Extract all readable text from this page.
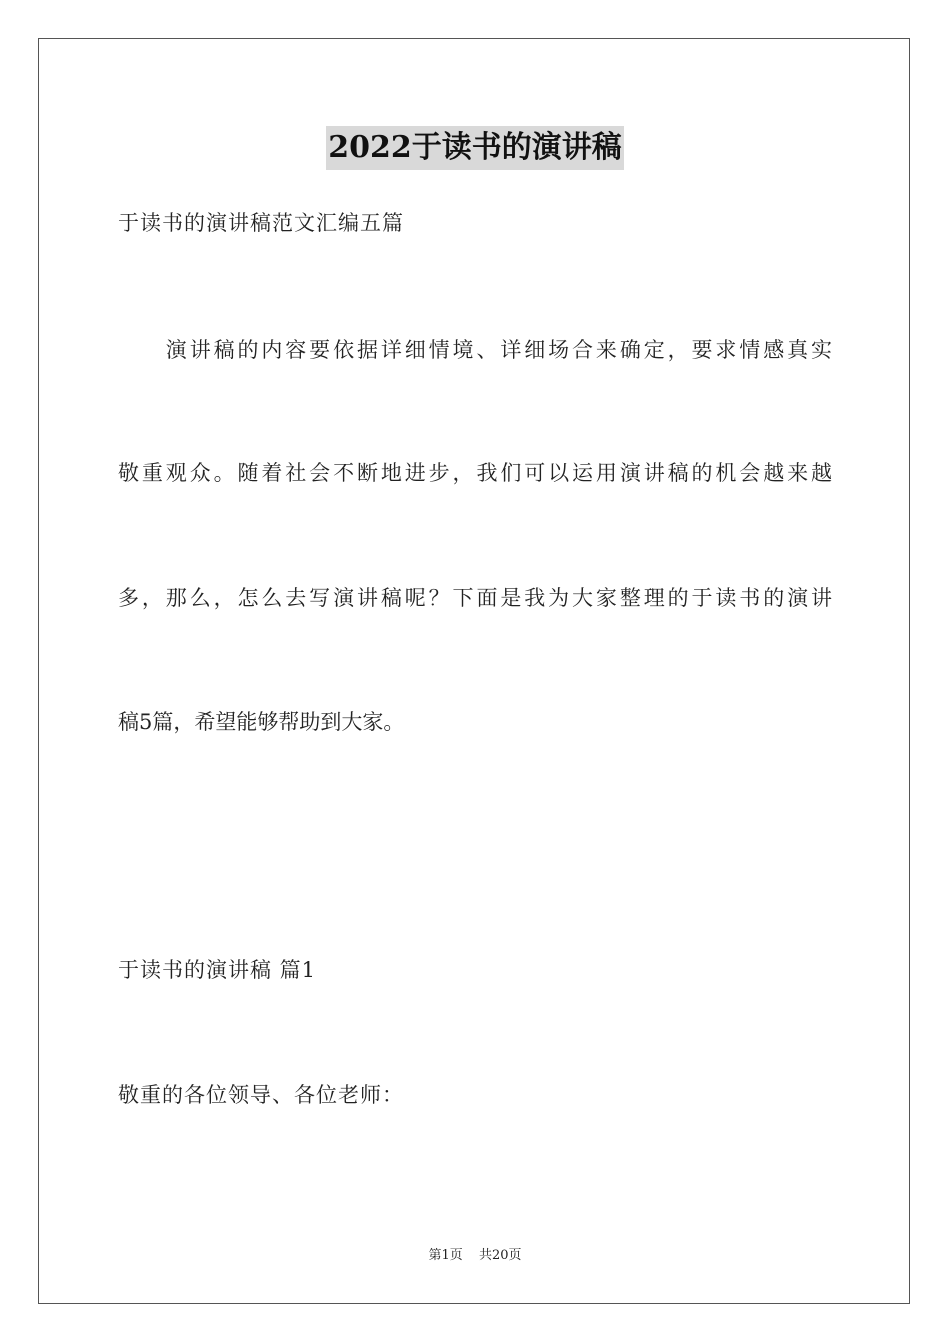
2022于读书的演讲稿
于读书的演讲稿范文汇编五篇
　　演讲稿的内容要依据详细情境、详细场合来确定，要求情感真实
敬重观众。随着社会不断地进步，我们可以运用演讲稿的机会越来越
多，那么，怎么去写演讲稿呢？下面是我为大家整理的于读书的演讲
稿5篇，希望能够帮助到大家。
于读书的演讲稿 篇1
敬重的各位领导、各位老师：
第1页 共20页
